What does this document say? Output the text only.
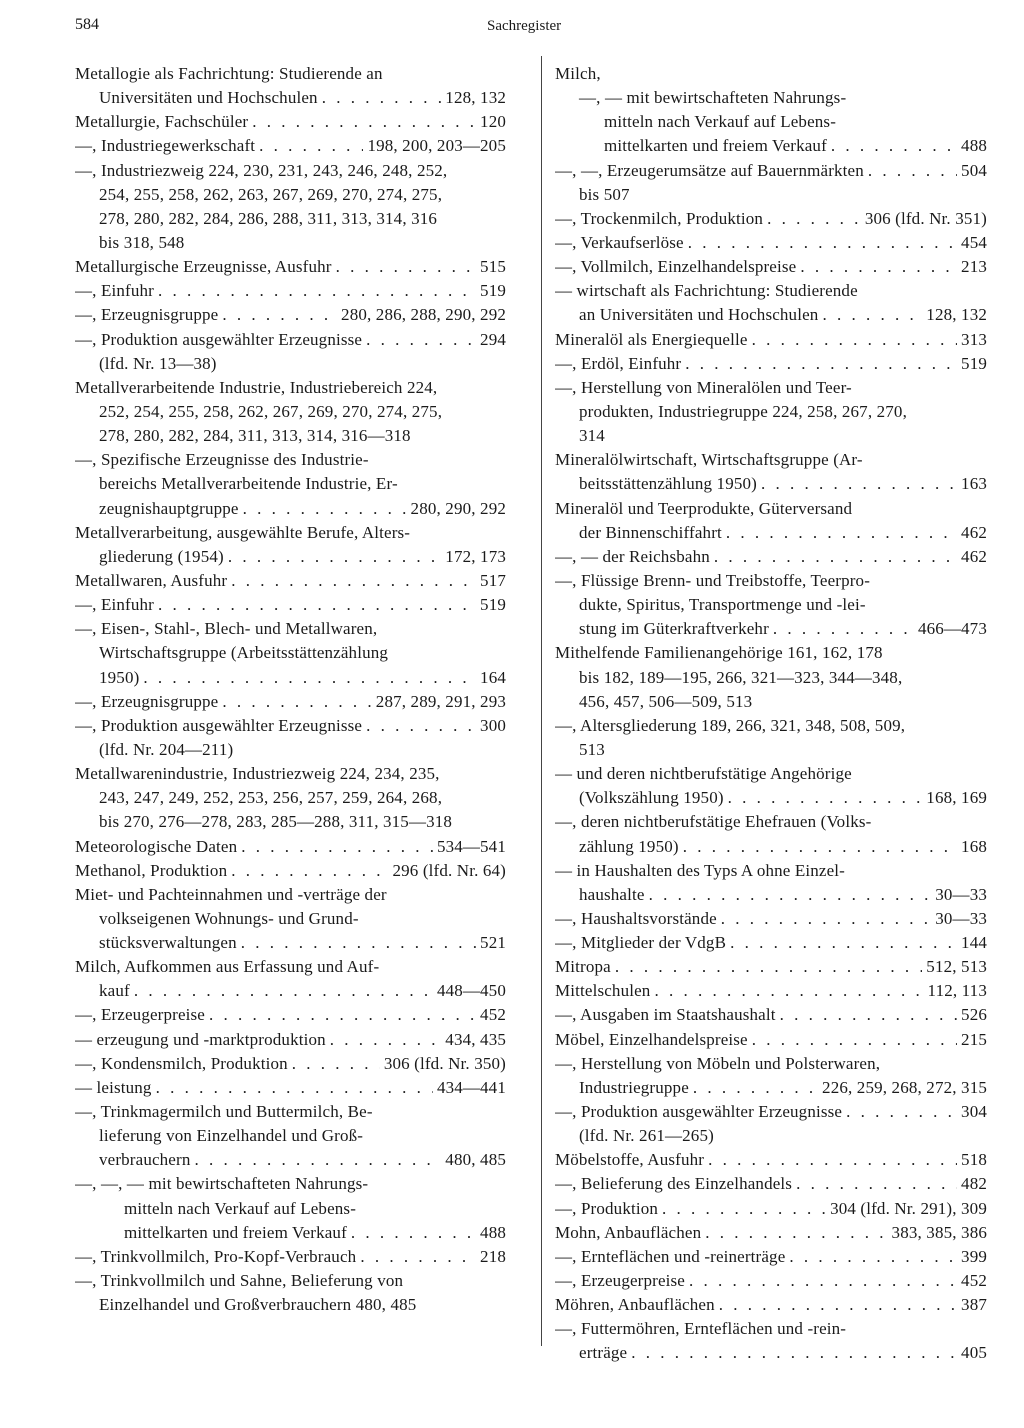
584	Sachregister
Metallogie als Fachrichtung: Studierende an
Universitäten und Hochschulen . . .	128, 132
Metallurgie, Fachschüler . . .	120
—, Industriegewerkschaft . . .	198, 200, 203—205
—, Industriezweig 224, 230, 231, 243, 246, 248, 252,
254, 255, 258, 262, 263, 267, 269, 270, 274, 275,
278, 280, 282, 284, 286, 288, 311, 313, 314, 316
bis 318, 548
Metallurgische Erzeugnisse, Ausfuhr . . .	515
—, Einfuhr . . .	519
—, Erzeugnisgruppe . . .	280, 286, 288, 290, 292
—, Produktion ausgewählter Erzeugnisse . . .	294
(lfd. Nr. 13—38)
Metallverarbeitende Industrie, Industriebereich 224,
252, 254, 255, 258, 262, 267, 269, 270, 274, 275,
278, 280, 282, 284, 311, 313, 314, 316—318
—, Spezifische Erzeugnisse des Industrie-
bereichs Metallverarbeitende Industrie, Er-
zeugnishauptgruppe . . .	280, 290, 292
Metallverarbeitung, ausgewählte Berufe, Alters-
gliederung (1954) . . .	172, 173
Metallwaren, Ausfuhr . . .	517
—, Einfuhr . . .	519
—, Eisen-, Stahl-, Blech- und Metallwaren,
Wirtschaftsgruppe (Arbeitsstättenzählung
1950) . . .	164
—, Erzeugnisgruppe . . .	287, 289, 291, 293
—, Produktion ausgewählter Erzeugnisse . . .	300
(lfd. Nr. 204—211)
Metallwarenindustrie, Industriezweig 224, 234, 235,
243, 247, 249, 252, 253, 256, 257, 259, 264, 268,
bis 270, 276—278, 283, 285—288, 311, 315—318
Meteorologische Daten . . .	534—541
Methanol, Produktion . . .	296 (lfd. Nr. 64)
Miet- und Pachteinnahmen und -verträge der
volkseigenen Wohnungs- und Grund-
stücksverwaltungen . . .	521
Milch, Aufkommen aus Erfassung und Auf-
kauf . . .	448—450
—, Erzeugerpreise . . .	452
— erzeugung und -marktproduktion . . .	434, 435
—, Kondensmilch, Produktion . . .	306 (lfd. Nr. 350)
— leistung . . .	434—441
—, Trinkmagermilch und Buttermilch, Be-
lieferung von Einzelhandel und Groß-
verbrauchern . . .	480, 485
—, —, — mit bewirtschafteten Nahrungs-
mitteln nach Verkauf auf Lebens-
mittelkarten und freiem Verkauf . . .	488
—, Trinkvollmilch, Pro-Kopf-Verbrauch . . .	218
—, Trinkvollmilch und Sahne, Belieferung von
Einzelhandel und Großverbrauchern 480, 485
Milch,
—, — mit bewirtschafteten Nahrungs-
mitteln nach Verkauf auf Lebens-
mittelkarten und freiem Verkauf . . .	488
—, —, Erzeugerumsätze auf Bauernmärkten . . .	504
bis 507
—, Trockenmilch, Produktion . . .	306 (lfd. Nr. 351)
—, Verkaufserlöse . . .	454
—, Vollmilch, Einzelhandelspreise . . .	213
— wirtschaft als Fachrichtung: Studierende
an Universitäten und Hochschulen . . .	128, 132
Mineralöl als Energiequelle . . .	313
—, Erdöl, Einfuhr . . .	519
—, Herstellung von Mineralölen und Teer-
produkten, Industriegruppe 224, 258, 267, 270,
314
Mineralölwirtschaft, Wirtschaftsgruppe (Ar-
beitsstättenzählung 1950) . . .	163
Mineralöl und Teerprodukte, Güterversand
der Binnenschiffahrt . . .	462
—, — der Reichsbahn . . .	462
—, Flüssige Brenn- und Treibstoffe, Teerpro-
dukte, Spiritus, Transportmenge und -lei-
stung im Güterkraftverkehr . . .	466—473
Mithelfende Familienangehörige 161, 162, 178
bis 182, 189—195, 266, 321—323, 344—348,
456, 457, 506—509, 513
—, Altersgliederung 189, 266, 321, 348, 508, 509,
513
— und deren nichtberufstätige Angehörige
(Volkszählung 1950) . . .	168, 169
—, deren nichtberufstätige Ehefrauen (Volks-
zählung 1950) . . .	168
— in Haushalten des Typs A ohne Einzel-
haushalte . . .	30—33
—, Haushaltsvorstände . . .	30—33
—, Mitglieder der VdgB . . .	144
Mitropa . . .	512, 513
Mittelschulen . . .	112, 113
—, Ausgaben im Staatshaushalt . . .	526
Möbel, Einzelhandelspreise . . .	215
—, Herstellung von Möbeln und Polsterwaren,
Industriegruppe . . .	226, 259, 268, 272, 315
—, Produktion ausgewählter Erzeugnisse . . .	304
(lfd. Nr. 261—265)
Möbelstoffe, Ausfuhr . . .	518
—, Belieferung des Einzelhandels . . .	482
—, Produktion . . .	304 (lfd. Nr. 291), 309
Mohn, Anbauflächen . . .	383, 385, 386
—, Ernteflächen und -reinerträge . . .	399
—, Erzeugerpreise . . .	452
Möhren, Anbauflächen . . .	387
—, Futtermöhren, Ernteflächen und -rein-
erträge . . .	405
